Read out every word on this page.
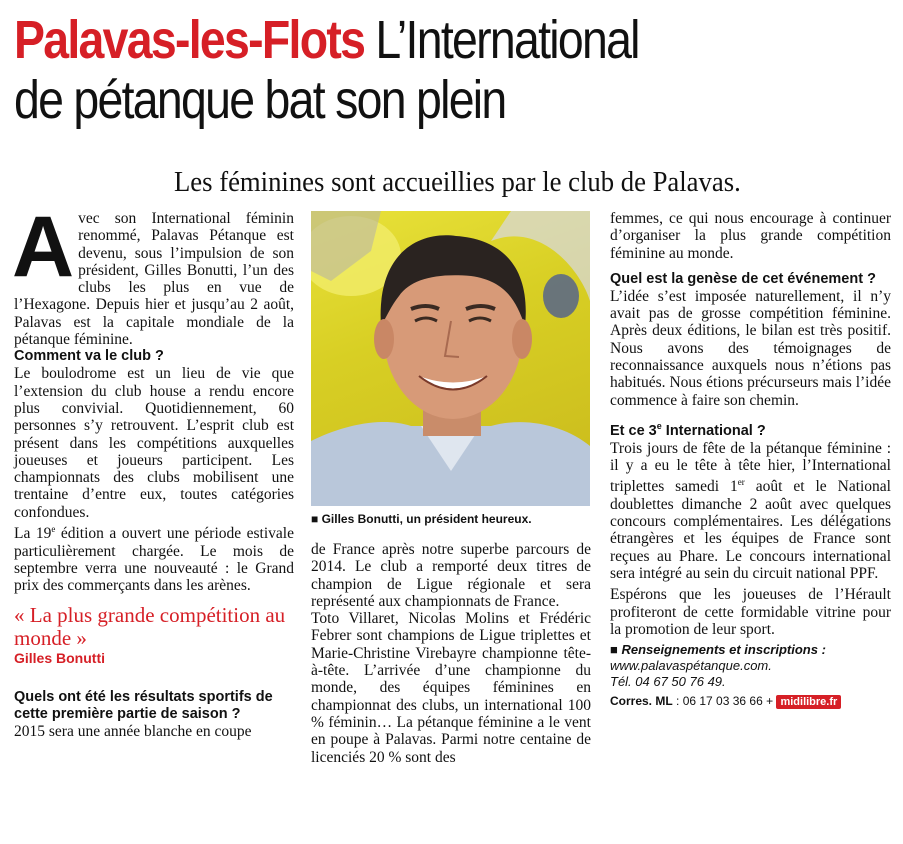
Palavas-les-Flots L’International
de pétanque bat son plein
Les féminines sont accueillies par le club de Palavas.

Avec son International féminin renommé, Palavas Pétanque est devenu, sous l’impulsion de son président, Gilles Bonutti, l’un des clubs les plus en vue de l’Hexagone. Depuis hier et jusqu’au 2 août, Palavas est la capitale mondiale de la pétanque féminine.

Comment va le club ?

Le boulodrome est un lieu de vie que l’extension du club house a rendu encore plus convivial. Quotidiennement, 60 personnes s’y retrouvent. L’esprit club est présent dans les compétitions auxquelles joueuses et joueurs participent. Les championnats des clubs mobilisent une trentaine d’entre eux, toutes catégories confondues.

La 19e édition a ouvert une période estivale particulièrement chargée. Le mois de septembre verra une nouveauté : le Grand prix des commerçants dans les arènes.

« La plus grande compétition au monde »
Gilles Bonutti

Quels ont été les résultats sportifs de cette première partie de saison ?

2015 sera une année blanche en coupe

■ Gilles Bonutti, un président heureux.

de France après notre superbe parcours de 2014. Le club a remporté deux titres de champion de Ligue régionale et sera représenté aux championnats de France.

Toto Villaret, Nicolas Molins et Frédéric Febrer sont champions de Ligue triplettes et Marie-Christine Virebayre championne tête-à-tête. L’arrivée d’une championne du monde, des équipes féminines en championnat des clubs, un international 100 % féminin… La pétanque féminine a le vent en poupe à Palavas. Parmi notre centaine de licenciés 20 % sont des

femmes, ce qui nous encourage à continuer d’organiser la plus grande compétition féminine au monde.

Quel est la genèse de cet événement ?

L’idée s’est imposée naturellement, il n’y avait pas de grosse compétition féminine. Après deux éditions, le bilan est très positif. Nous avons des témoignages de reconnaissance auxquels nous n’étions pas habitués. Nous étions précurseurs mais l’idée commence à faire son chemin.

Et ce 3e International ?

Trois jours de fête de la pétanque féminine : il y a eu le tête à tête hier, l’International triplettes samedi 1er août et le National doublettes dimanche 2 août avec quelques concours complémentaires. Les délégations étrangères et les équipes de France sont reçues au Phare. Le concours international sera intégré au sein du circuit national PPF.

Espérons que les joueuses de l’Hérault profiteront de cette formidable vitrine pour la promotion de leur sport.

■ Renseignements et inscriptions :
www.palavaspétanque.com.
Tél. 04 67 50 76 49.
Corres. ML : 06 17 03 36 66 + midilibre.fr
